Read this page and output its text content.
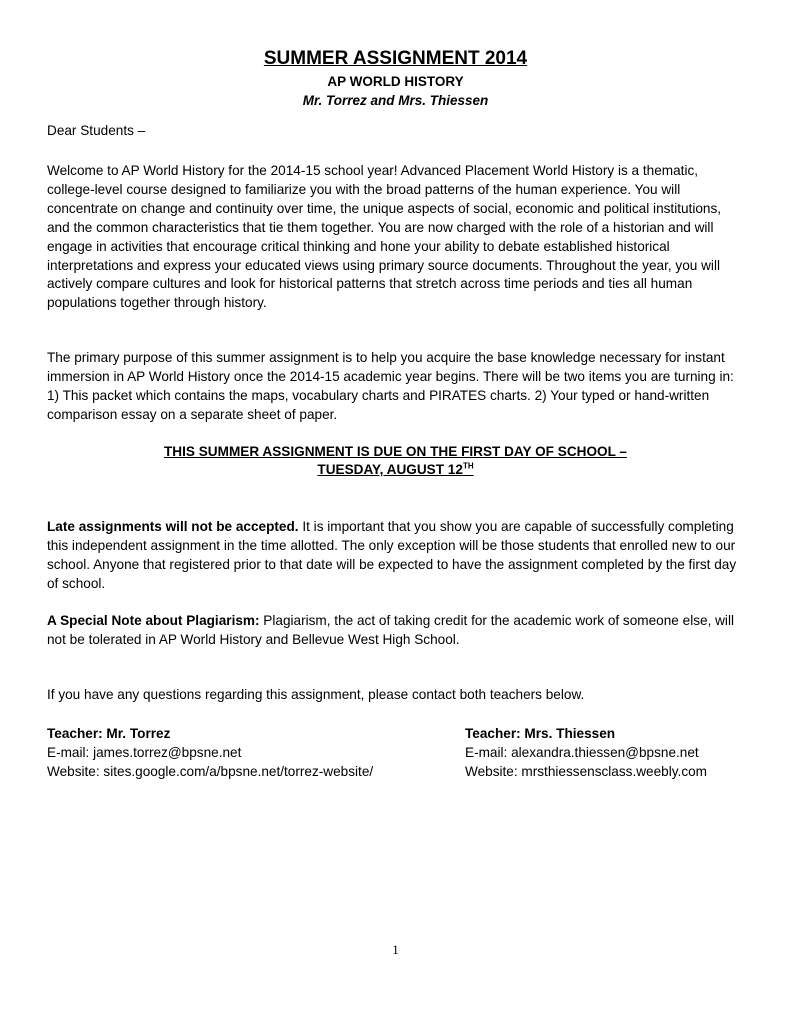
SUMMER ASSIGNMENT 2014
AP WORLD HISTORY
Mr. Torrez and Mrs. Thiessen

Dear Students –

Welcome to AP World History for the 2014-15 school year! Advanced Placement World History is a thematic, college-level course designed to familiarize you with the broad patterns of the human experience. You will concentrate on change and continuity over time, the unique aspects of social, economic and political institutions, and the common characteristics that tie them together. You are now charged with the role of a historian and will engage in activities that encourage critical thinking and hone your ability to debate established historical interpretations and express your educated views using primary source documents. Throughout the year, you will actively compare cultures and look for historical patterns that stretch across time periods and ties all human populations together through history.

The primary purpose of this summer assignment is to help you acquire the base knowledge necessary for instant immersion in AP World History once the 2014-15 academic year begins. There will be two items you are turning in: 1) This packet which contains the maps, vocabulary charts and PIRATES charts. 2) Your typed or hand-written comparison essay on a separate sheet of paper.

THIS SUMMER ASSIGNMENT IS DUE ON THE FIRST DAY OF SCHOOL –
TUESDAY, AUGUST 12TH

Late assignments will not be accepted. It is important that you show you are capable of successfully completing this independent assignment in the time allotted. The only exception will be those students that enrolled new to our school. Anyone that registered prior to that date will be expected to have the assignment completed by the first day of school.

A Special Note about Plagiarism: Plagiarism, the act of taking credit for the academic work of someone else, will not be tolerated in AP World History and Bellevue West High School.

If you have any questions regarding this assignment, please contact both teachers below.

Teacher: Mr. Torrez
E-mail: james.torrez@bpsne.net
Website: sites.google.com/a/bpsne.net/torrez-website/
Teacher: Mrs. Thiessen
E-mail: alexandra.thiessen@bpsne.net
Website: mrsthiessensclass.weebly.com
1
